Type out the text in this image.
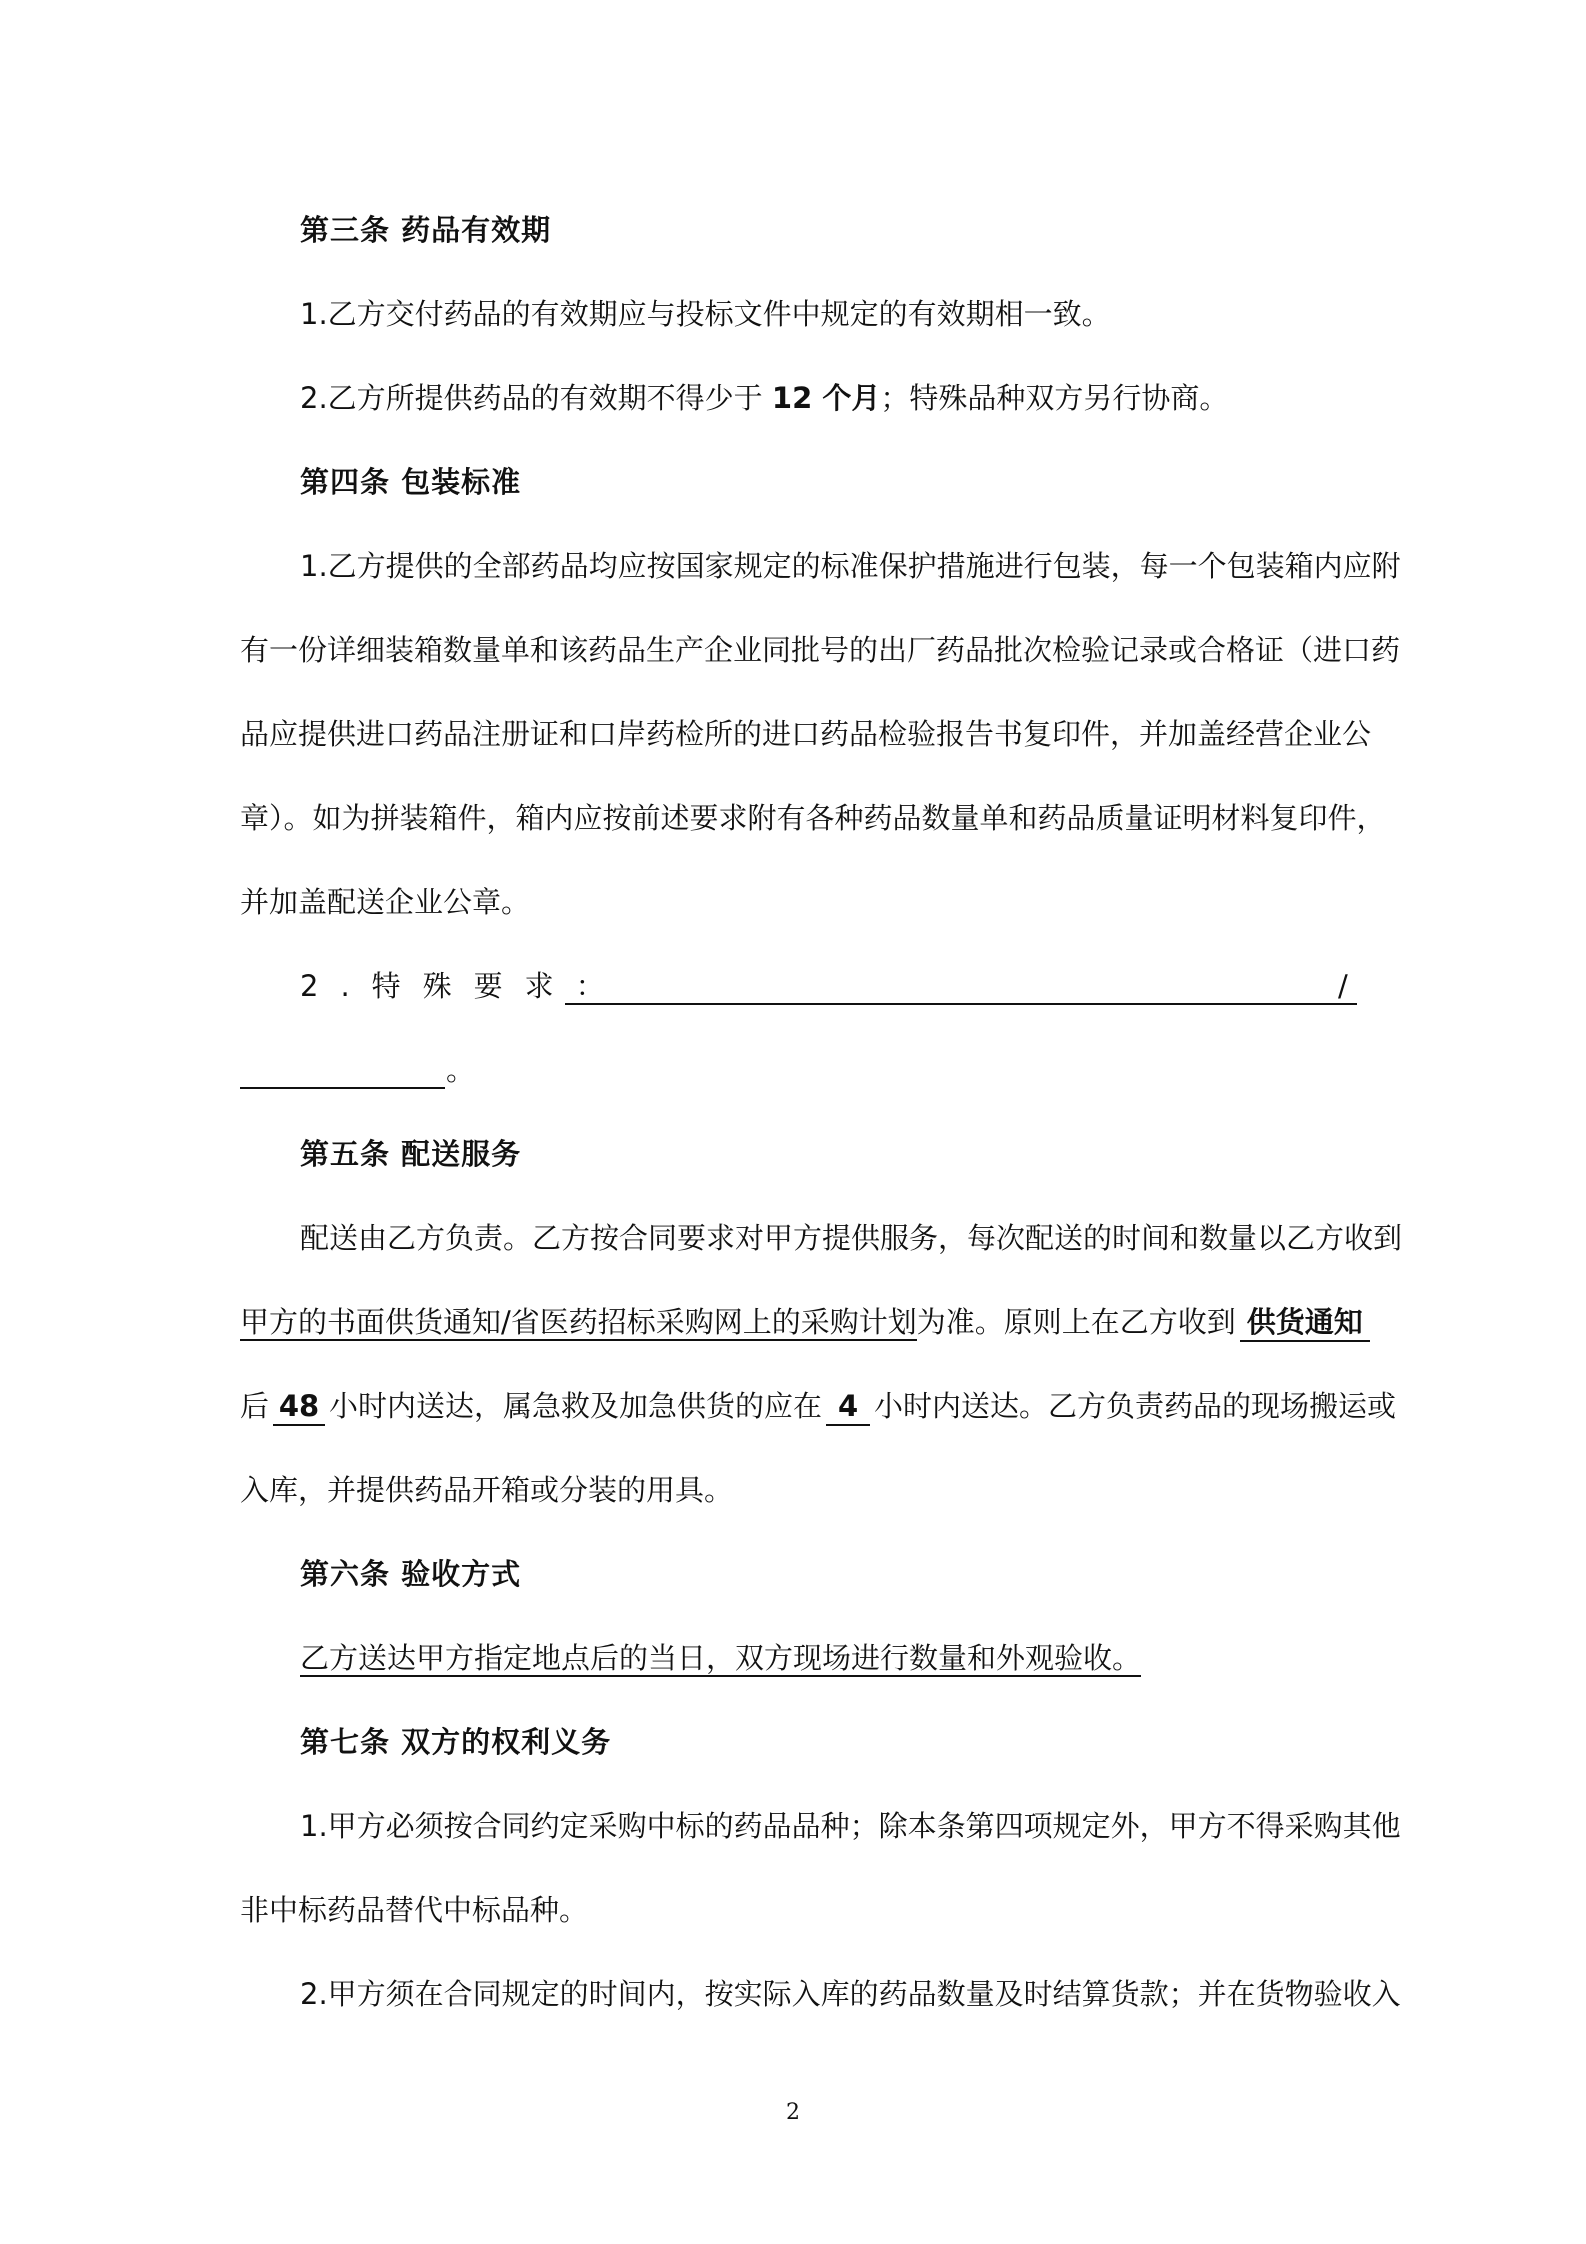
第三条 药品有效期
1.乙方交付药品的有效期应与投标文件中规定的有效期相一致。
2.乙方所提供药品的有效期不得少于 12 个月；特殊品种双方另行协商。
第四条 包装标准
1.乙方提供的全部药品均应按国家规定的标准保护措施进行包装，每一个包装箱内应附
有一份详细装箱数量单和该药品生产企业同批号的出厂药品批次检验记录或合格证（进口药
品应提供进口药品注册证和口岸药检所的进口药品检验报告书复印件，并加盖经营企业公
章）。如为拼装箱件，箱内应按前述要求附有各种药品数量单和药品质量证明材料复印件，
并加盖配送企业公章。
2.特殊要求：	/
。
第五条 配送服务
配送由乙方负责。乙方按合同要求对甲方提供服务，每次配送的时间和数量以乙方收到
甲方的书面供货通知/省医药招标采购网上的采购计划为准。原则上在乙方收到 供货通知
后 48 小时内送达，属急救及加急供货的应在 4 小时内送达。乙方负责药品的现场搬运或
入库，并提供药品开箱或分装的用具。
第六条 验收方式
乙方送达甲方指定地点后的当日，双方现场进行数量和外观验收。
第七条 双方的权利义务
1.甲方必须按合同约定采购中标的药品品种；除本条第四项规定外，甲方不得采购其他
非中标药品替代中标品种。
2.甲方须在合同规定的时间内，按实际入库的药品数量及时结算货款；并在货物验收入
2
